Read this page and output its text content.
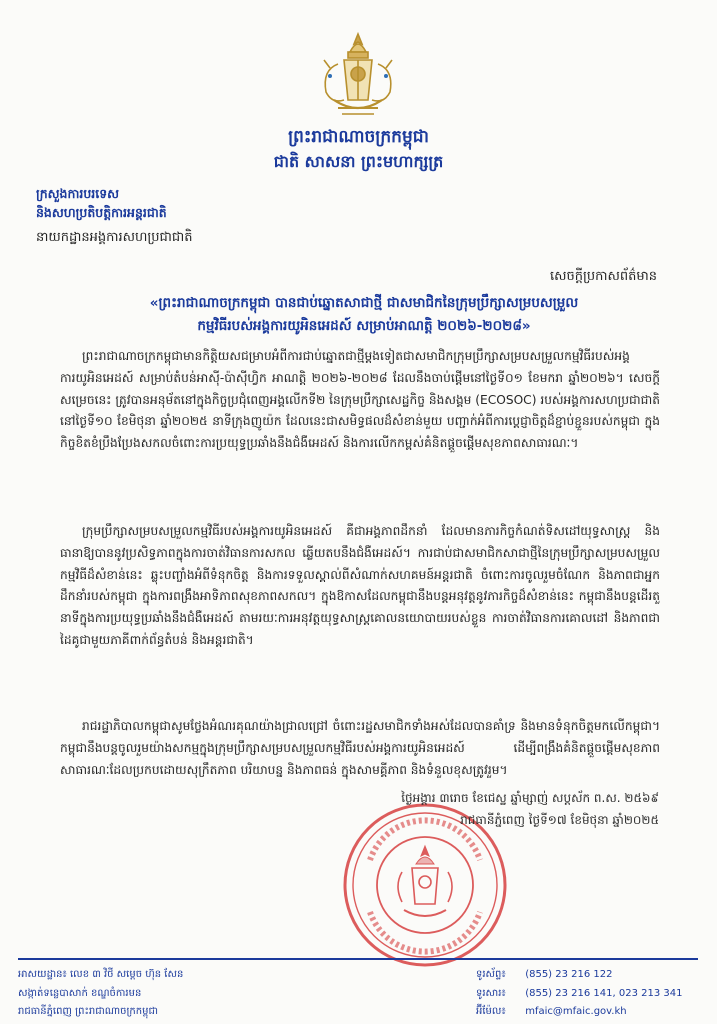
ព្រះរាជាណាចក្រកម្ពុជា
ជាតិ សាសនា ព្រះមហាក្សត្រ
ក្រសួងការបរទេស
និងសហប្រតិបត្តិការអន្តរជាតិ
នាយកដ្ឋានអង្គការសហប្រជាជាតិ
សេចក្តីប្រកាសព័ត៌មាន
«ព្រះរាជាណាចក្រកម្ពុជា បានជាប់ឆ្នោតសាជាថ្មី ជាសមាជិកនៃក្រុមប្រឹក្សាសម្របសម្រួល
កម្មវិធីរបស់អង្គការយូអិនអេដស៍ សម្រាប់អាណត្តិ ២០២៦-២០២៨»
ព្រះរាជាណាចក្រកម្ពុជាមានកិត្តិយសជម្រាបអំពីការជាប់ឆ្នោតជាថ្មីម្តងទៀតជាសមាជិកក្រុមប្រឹក្សាសម្របសម្រួលកម្មវិធីរបស់អង្គការយូអិនអេដស៍ សម្រាប់តំបន់អាស៊ី-ប៉ាស៊ីហ្វិក អាណត្តិ ២០២៦-២០២៨ ដែលនឹងចាប់ផ្តើមនៅថ្ងៃទី០១ ខែមករា ឆ្នាំ២០២៦។ សេចក្តីសម្រេចនេះ ត្រូវបានអនុម័តនៅក្នុងកិច្ចប្រជុំពេញអង្គលើកទី២ នៃក្រុមប្រឹក្សាសេដ្ឋកិច្ច និងសង្គម (ECOSOC) របស់អង្គការសហប្រជាជាតិ នៅថ្ងៃទី១០ ខែមិថុនា ឆ្នាំ២០២៥ នាទីក្រុងញូយ៉ក ដែលនេះជាសមិទ្ធផលដ៏សំខាន់មួយ បញ្ជាក់អំពីការប្តេជ្ញាចិត្តដ៏ខ្ជាប់ខ្ជួនរបស់កម្ពុជា ក្នុងកិច្ចខិតខំប្រឹងប្រែងសកលចំពោះការប្រយុទ្ធប្រឆាំងនឹងជំងឺអេដស៍ និងការលើកកម្ពស់គំនិតផ្តួចផ្តើមសុខភាពសាធារណៈ។
ក្រុមប្រឹក្សាសម្របសម្រួលកម្មវិធីរបស់អង្គការយូអិនអេដស៍ គឺជាអង្គភាពដឹកនាំ ដែលមានភារកិច្ចកំណត់ទិសដៅយុទ្ធសាស្ត្រ និងធានាឱ្យបាននូវប្រសិទ្ធភាពក្នុងការចាត់វិធានការសកល ឆ្លើយតបនឹងជំងឺអេដស៍។ ការជាប់ជាសមាជិកសាជាថ្មីនៃក្រុមប្រឹក្សាសម្របសម្រួលកម្មវិធីដ៏សំខាន់នេះ ឆ្លុះបញ្ចាំងអំពីទំនុកចិត្ត និងការទទួលស្គាល់ពីសំណាក់សហគមន៍អន្តរជាតិ ចំពោះការចូលរួមចំណែក និងភាពជាអ្នកដឹកនាំរបស់កម្ពុជា ក្នុងការពង្រឹងអាទិភាពសុខភាពសកល។ ក្នុងឱកាសដែលកម្ពុជានឹងបន្តអនុវត្តនូវភារកិច្ចដ៏សំខាន់នេះ កម្ពុជានឹងបន្តដើរតួនាទីក្នុងការប្រយុទ្ធប្រឆាំងនឹងជំងឺអេដស៍ តាមរយៈការអនុវត្តយុទ្ធសាស្ត្រគោលនយោបាយរបស់ខ្លួន ការចាត់វិធានការគោលដៅ និងភាពជាដៃគូជាមួយភាគីពាក់ព័ន្ធតំបន់ និងអន្តរជាតិ។
រាជរដ្ឋាភិបាលកម្ពុជាសូមថ្លែងអំណរគុណយ៉ាងជ្រាលជ្រៅ ចំពោះរដ្ឋសមាជិកទាំងអស់ដែលបានគាំទ្រ និងមានទំនុកចិត្តមកលើកម្ពុជា។ កម្ពុជានឹងបន្តចូលរួមយ៉ាងសកម្មក្នុងក្រុមប្រឹក្សាសម្របសម្រួលកម្មវិធីរបស់អង្គការយូអិនអេដស៍ ដើម្បីពង្រឹងគំនិតផ្តួចផ្តើមសុខភាពសាធារណៈដែលប្រកបដោយសុក្រឹតភាព បរិយាបន្ន និងភាពធន់ ក្នុងសាមគ្គីភាព និងទំនួលខុសត្រូវរួម។
ថ្ងៃអង្គារ ៣រោច ខែជេស្ឋ ឆ្នាំម្សាញ់ សប្តស័ក ព.ស. ២៥៦៩
រាជធានីភ្នំពេញ ថ្ងៃទី១៧ ខែមិថុនា ឆ្នាំ២០២៥
អាសយដ្ឋាន៖ លេខ ៣ វិថី សម្តេច ហ៊ុន សែន
សង្កាត់ទន្លេបាសាក់ ខណ្ឌចំការមន
រាជធានីភ្នំពេញ ព្រះរាជាណាចក្រកម្ពុជា
ទូរស័ព្ទ៖ (855) 23 216 122
ទូរសារ៖ (855) 23 216 141, 023 213 341
អ៊ីម៉ែល៖ mfaic@mfaic.gov.kh
